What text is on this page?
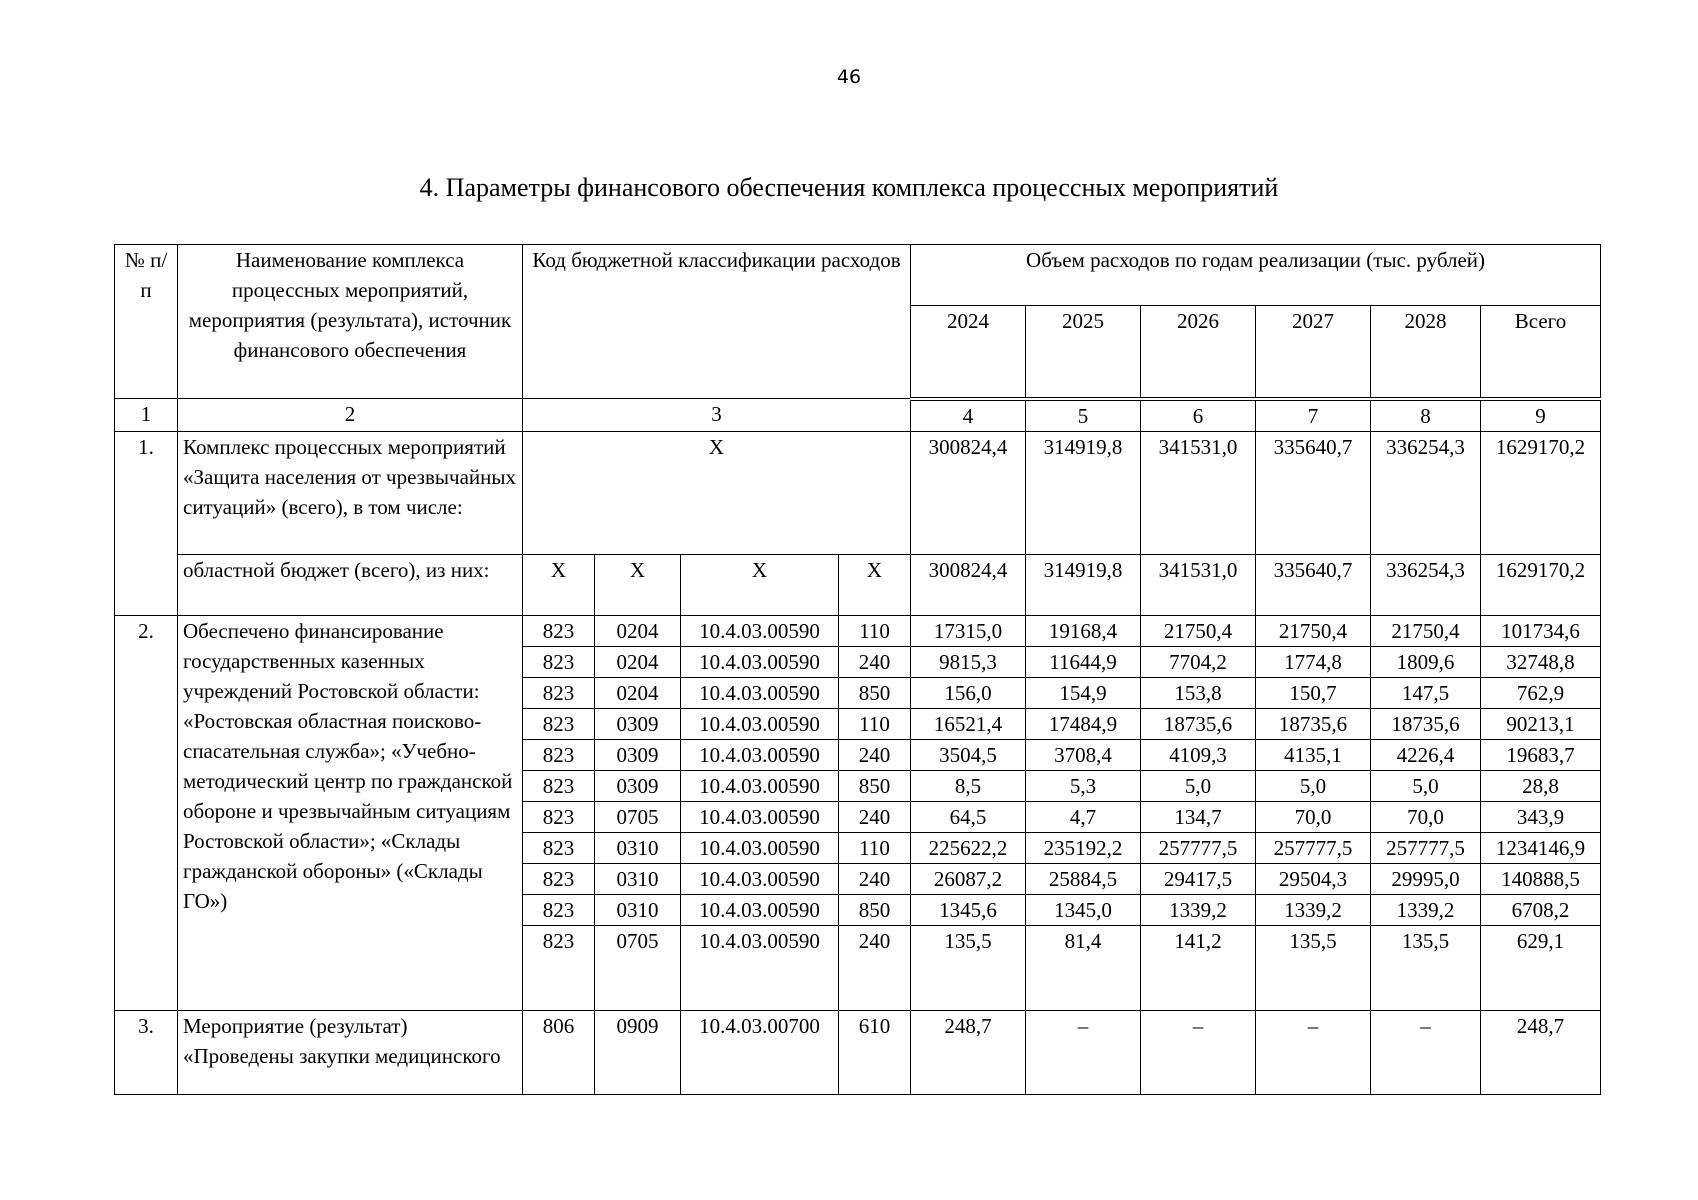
46
4. Параметры финансового обеспечения комплекса процессных мероприятий
№ п/п	Наименование комплекса процессных мероприятий, мероприятия (результата), источник финансового обеспечения	Код бюджетной классификации расходов				Объем расходов по годам реализации (тыс. рублей)					
						2024	2025	2026	2027	2028	Всего
1	2	3				4	5	6	7	8	9
1.	Комплекс процессных мероприятий «Защита населения от чрезвычайных ситуаций» (всего), в том числе:	X				300824,4	314919,8	341531,0	335640,7	336254,3	1629170,2
	областной бюджет (всего), из них:	X	X	X	X	300824,4	314919,8	341531,0	335640,7	336254,3	1629170,2
2.	Обеспечено финансирование государственных казенных учреждений Ростовской области: «Ростовская областная поисково-спасательная служба»; «Учебно-методический центр по гражданской обороне и чрезвычайным ситуациям Ростовской области»; «Склады гражданской обороны» («Склады ГО»)	823	0204	10.4.03.00590	110	17315,0	19168,4	21750,4	21750,4	21750,4	101734,6
		823	0204	10.4.03.00590	240	9815,3	11644,9	7704,2	1774,8	1809,6	32748,8
		823	0204	10.4.03.00590	850	156,0	154,9	153,8	150,7	147,5	762,9
		823	0309	10.4.03.00590	110	16521,4	17484,9	18735,6	18735,6	18735,6	90213,1
		823	0309	10.4.03.00590	240	3504,5	3708,4	4109,3	4135,1	4226,4	19683,7
		823	0309	10.4.03.00590	850	8,5	5,3	5,0	5,0	5,0	28,8
		823	0705	10.4.03.00590	240	64,5	4,7	134,7	70,0	70,0	343,9
		823	0310	10.4.03.00590	110	225622,2	235192,2	257777,5	257777,5	257777,5	1234146,9
		823	0310	10.4.03.00590	240	26087,2	25884,5	29417,5	29504,3	29995,0	140888,5
		823	0310	10.4.03.00590	850	1345,6	1345,0	1339,2	1339,2	1339,2	6708,2
		823	0705	10.4.03.00590	240	135,5	81,4	141,2	135,5	135,5	629,1
3.	Мероприятие (результат) «Проведены закупки медицинского	806	0909	10.4.03.00700	610	248,7	–	–	–	–	248,7
